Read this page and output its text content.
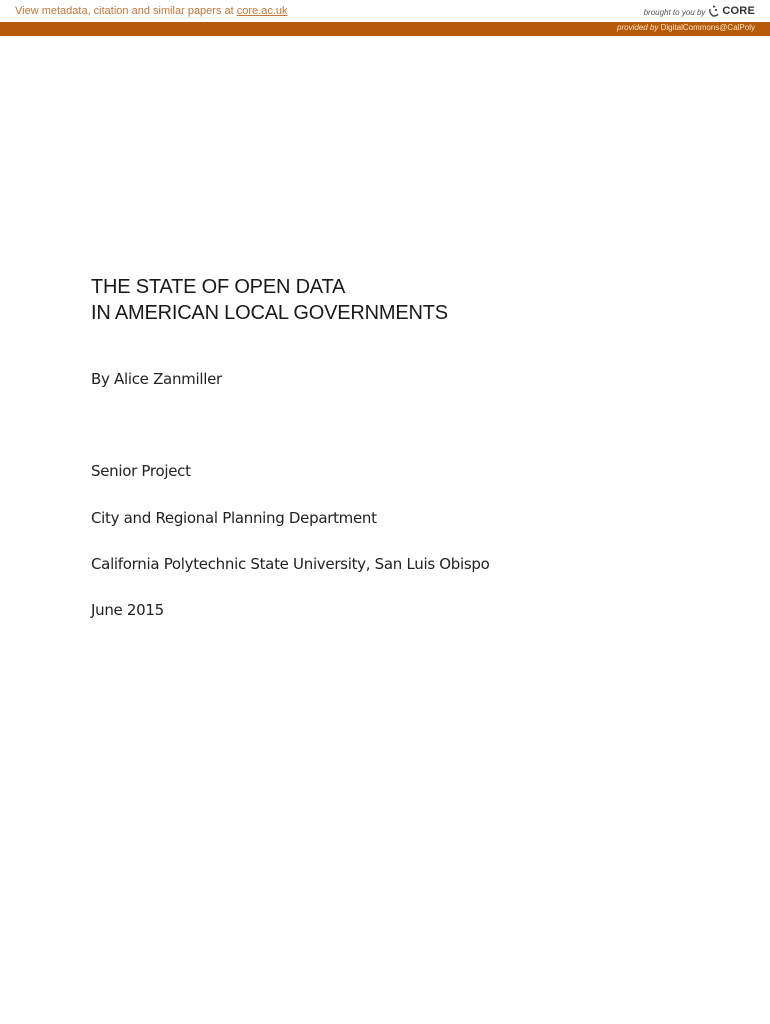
View metadata, citation and similar papers at core.ac.uk	brought to you by CORE
provided by DigitalCommons@CalPoly
THE STATE OF OPEN DATA
IN AMERICAN LOCAL GOVERNMENTS
By Alice Zanmiller
Senior Project
City and Regional Planning Department
California Polytechnic State University, San Luis Obispo
June 2015
